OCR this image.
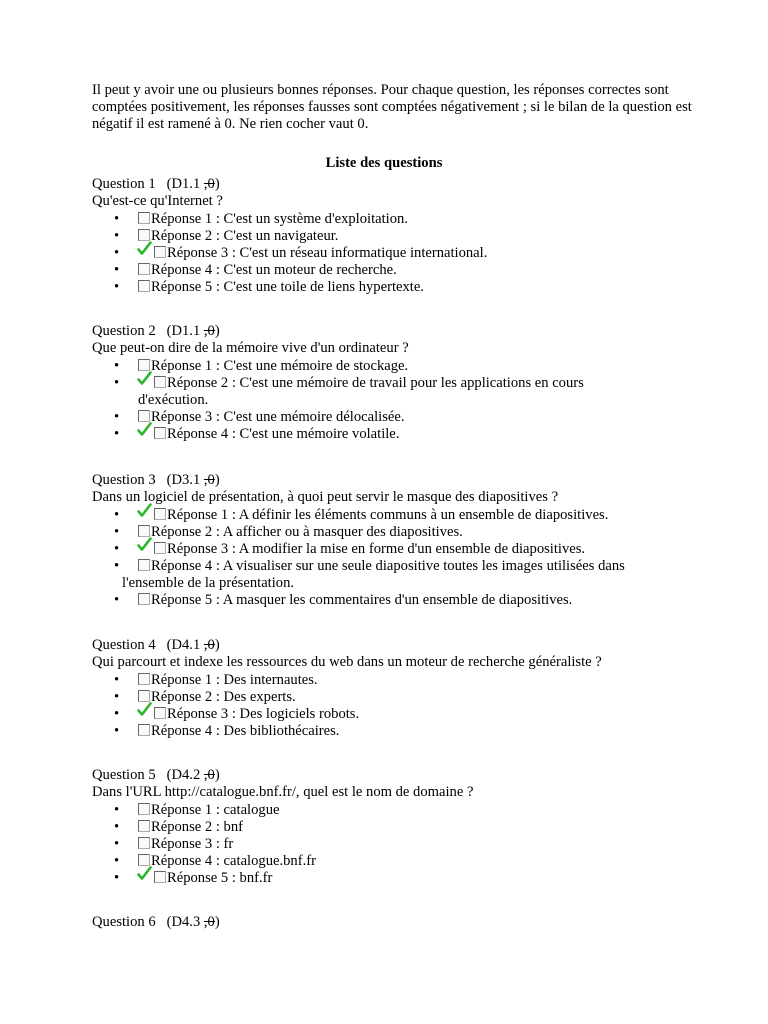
Il peut y avoir une ou plusieurs bonnes réponses. Pour chaque question, les réponses correctes sont comptées positivement, les réponses fausses sont comptées négativement ; si le bilan de la question est négatif il est ramené à 0. Ne rien cocher vaut 0.

Liste des questions

Question 1 (D1.1 ,0)

Qu'est-ce qu'Internet ?

• Réponse 1 : C'est un système d'exploitation.
• Réponse 2 : C'est un navigateur.
•	Réponse 3 : C'est un réseau informatique international.
• Réponse 4 : C'est un moteur de recherche.
• Réponse 5 : C'est une toile de liens hypertexte.

Question 2 (D1.1 ,0)

Que peut-on dire de la mémoire vive d'un ordinateur ?

• Réponse 1 : C'est une mémoire de stockage.
•	Réponse 2 : C'est une mémoire de travail pour les applications en cours
d'exécution.
• Réponse 3 : C'est une mémoire délocalisée.
•	Réponse 4 : C'est une mémoire volatile.

Question 3 (D3.1 ,0)

Dans un logiciel de présentation, à quoi peut servir le masque des diapositives ?

•	Réponse 1 : A définir les éléments communs à un ensemble de diapositives.
• Réponse 2 : A afficher ou à masquer des diapositives.
•	Réponse 3 : A modifier la mise en forme d'un ensemble de diapositives.
• Réponse 4 : A visualiser sur une seule diapositive toutes les images utilisées dans
l'ensemble de la présentation.
• Réponse 5 : A masquer les commentaires d'un ensemble de diapositives.

Question 4 (D4.1 ,0)

Qui parcourt et indexe les ressources du web dans un moteur de recherche généraliste ?

• Réponse 1 : Des internautes.
• Réponse 2 : Des experts.
•	Réponse 3 : Des logiciels robots.
• Réponse 4 : Des bibliothécaires.

Question 5 (D4.2 ,0)

Dans l'URL http://catalogue.bnf.fr/, quel est le nom de domaine ?

• Réponse 1 : catalogue
• Réponse 2 : bnf
• Réponse 3 : fr
• Réponse 4 : catalogue.bnf.fr
•	Réponse 5 : bnf.fr

Question 6 (D4.3 ,0)
